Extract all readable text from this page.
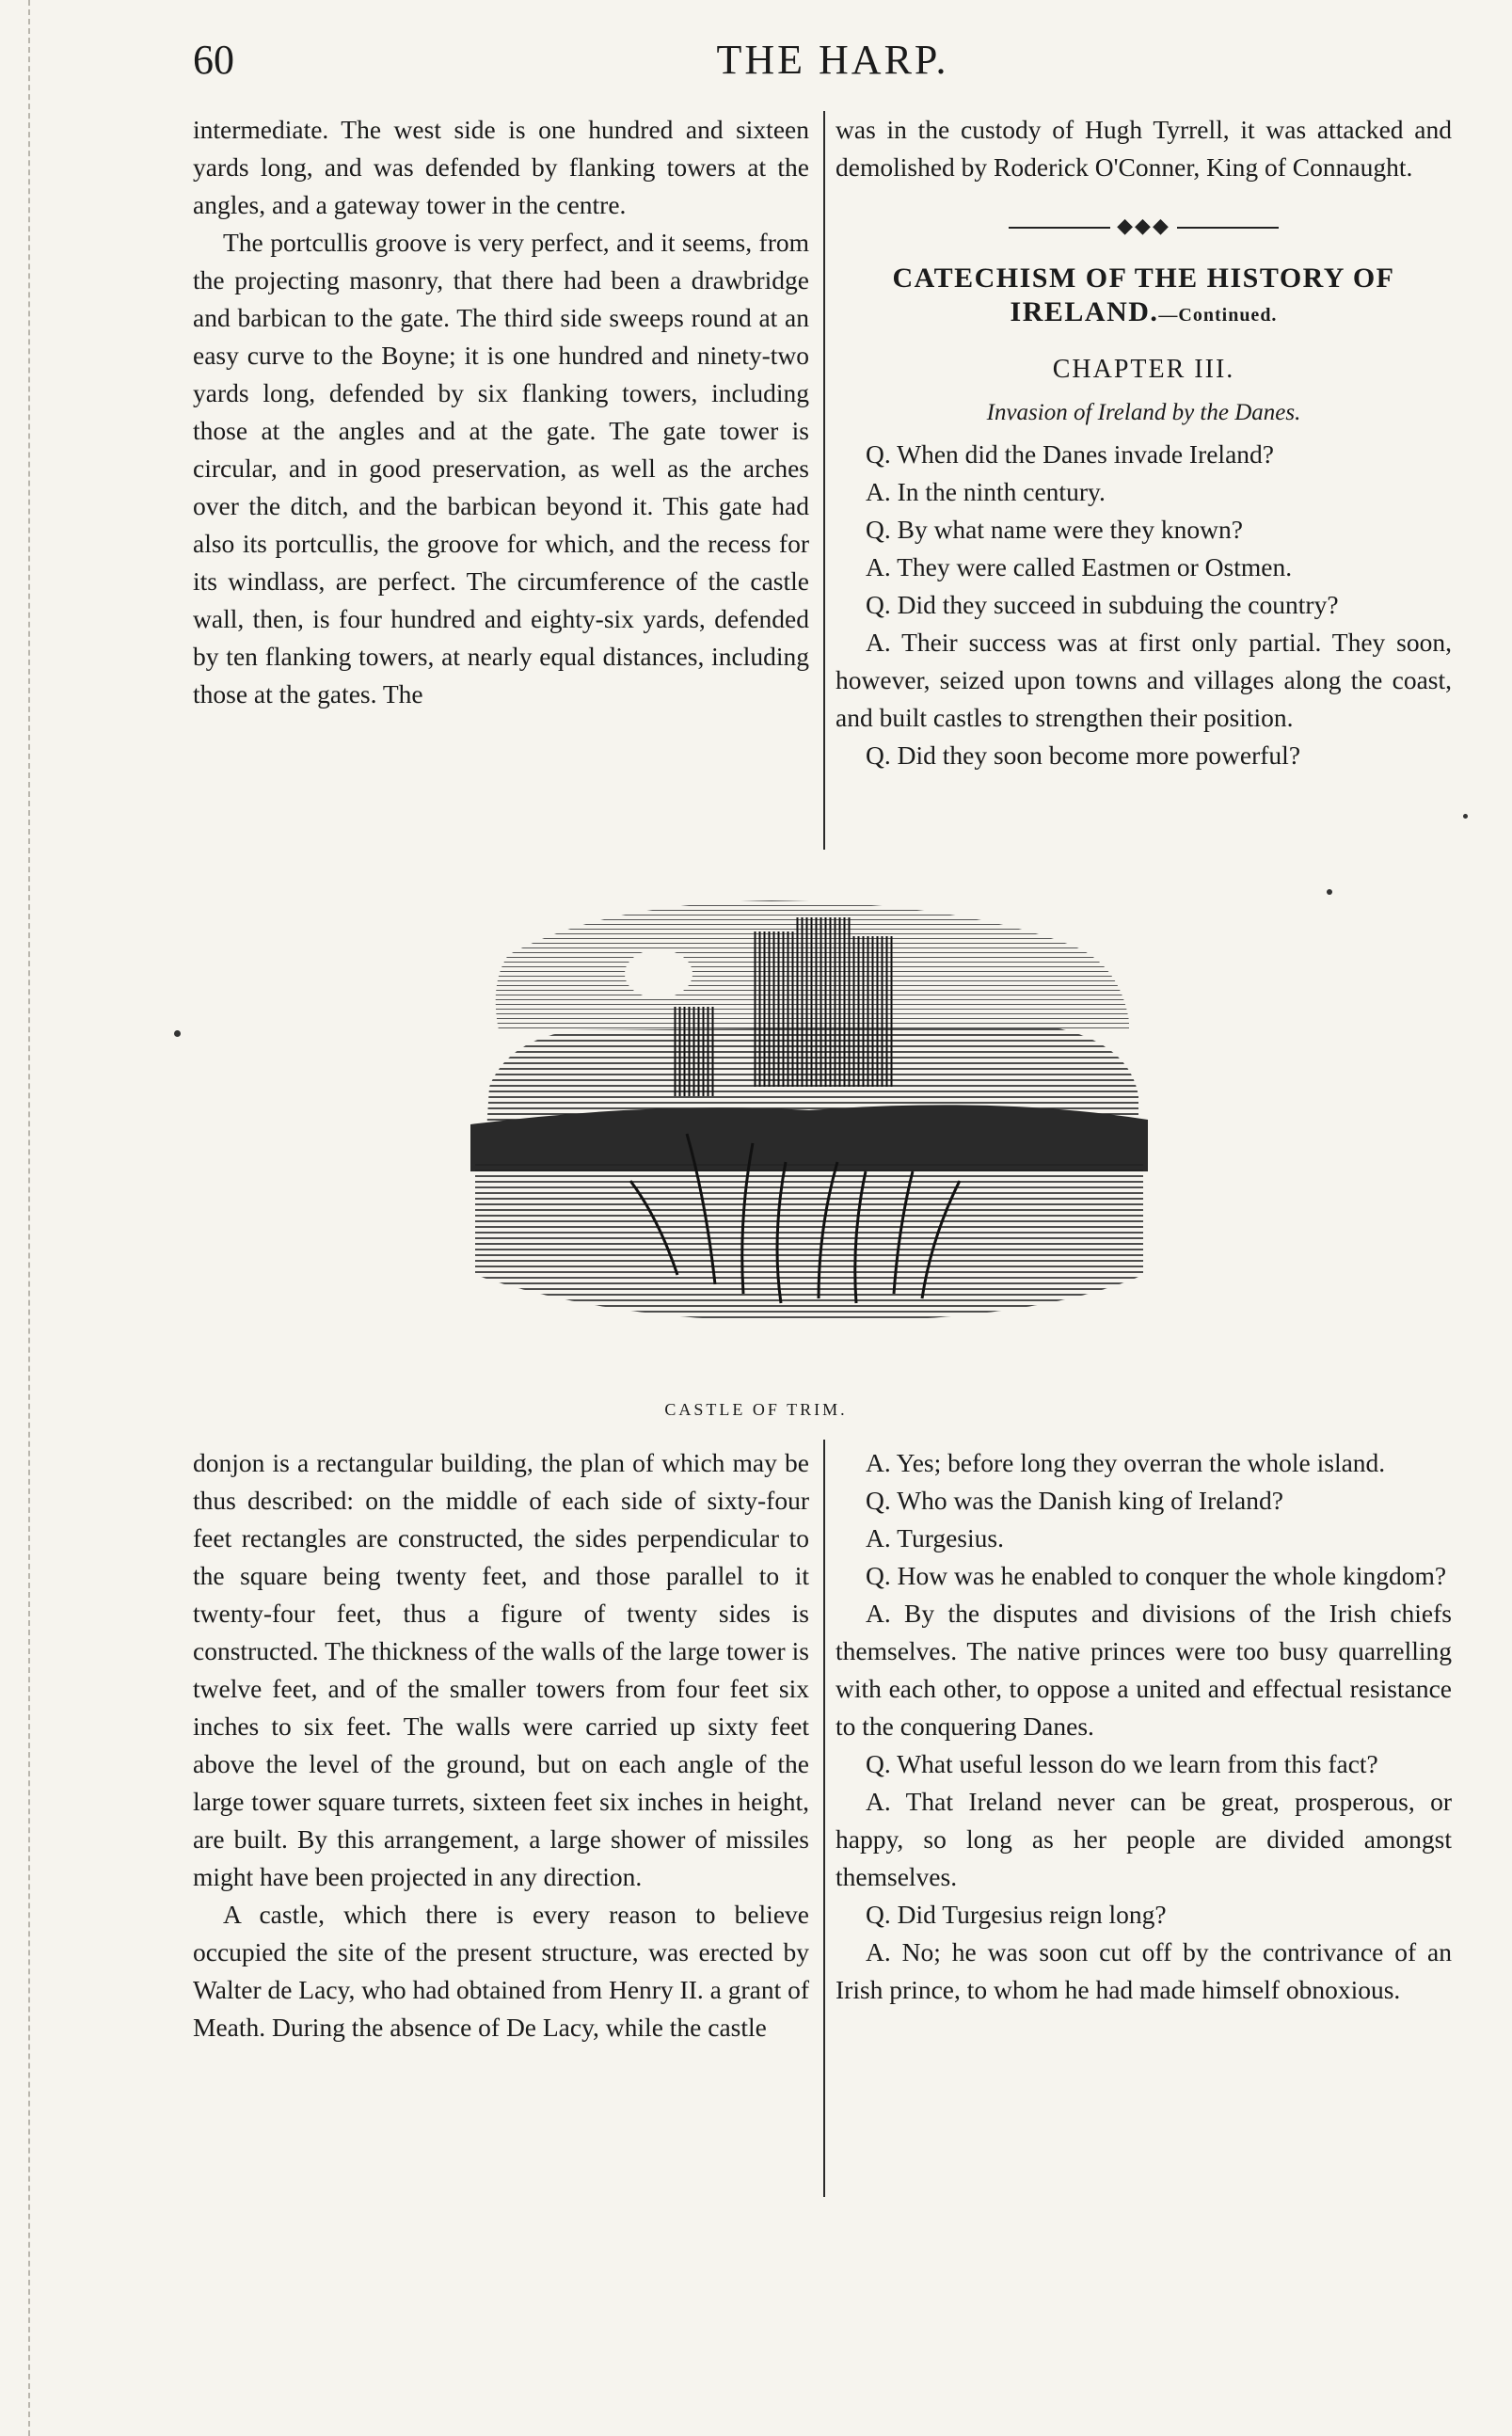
60	THE HARP.

intermediate. The west side is one hundred and sixteen yards long, and was defended by flanking towers at the angles, and a gateway tower in the centre.

The portcullis groove is very perfect, and it seems, from the projecting masonry, that there had been a drawbridge and barbican to the gate. The third side sweeps round at an easy curve to the Boyne; it is one hundred and ninety-two yards long, defended by six flanking towers, including those at the angles and at the gate. The gate tower is circular, and in good preservation, as well as the arches over the ditch, and the barbican beyond it. This gate had also its portcullis, the groove for which, and the recess for its windlass, are perfect. The circumference of the castle wall, then, is four hundred and eighty-six yards, defended by ten flanking towers, at nearly equal distances, including those at the gates. The

was in the custody of Hugh Tyrrell, it was attacked and demolished by Roderick O'Conner, King of Connaught.

◆◆◆
CATECHISM OF THE HISTORY OF IRELAND.—Continued.
CHAPTER III.
Invasion of Ireland by the Danes.

Q. When did the Danes invade Ireland?

A. In the ninth century.

Q. By what name were they known?

A. They were called Eastmen or Ostmen.

Q. Did they succeed in subduing the country?

A. Their success was at first only partial. They soon, however, seized upon towns and villages along the coast, and built castles to strengthen their position.

Q. Did they soon become more powerful?

CASTLE OF TRIM.

donjon is a rectangular building, the plan of which may be thus described: on the middle of each side of sixty-four feet rectangles are constructed, the sides perpendicular to the square being twenty feet, and those parallel to it twenty-four feet, thus a figure of twenty sides is constructed. The thickness of the walls of the large tower is twelve feet, and of the smaller towers from four feet six inches to six feet. The walls were carried up sixty feet above the level of the ground, but on each angle of the large tower square turrets, sixteen feet six inches in height, are built. By this arrangement, a large shower of missiles might have been projected in any direction.

A castle, which there is every reason to believe occupied the site of the present structure, was erected by Walter de Lacy, who had obtained from Henry II. a grant of Meath. During the absence of De Lacy, while the castle

A. Yes; before long they overran the whole island.

Q. Who was the Danish king of Ireland?

A. Turgesius.

Q. How was he enabled to conquer the whole kingdom?

A. By the disputes and divisions of the Irish chiefs themselves. The native princes were too busy quarrelling with each other, to oppose a united and effectual resistance to the conquering Danes.

Q. What useful lesson do we learn from this fact?

A. That Ireland never can be great, prosperous, or happy, so long as her people are divided amongst themselves.

Q. Did Turgesius reign long?

A. No; he was soon cut off by the contrivance of an Irish prince, to whom he had made himself obnoxious.
